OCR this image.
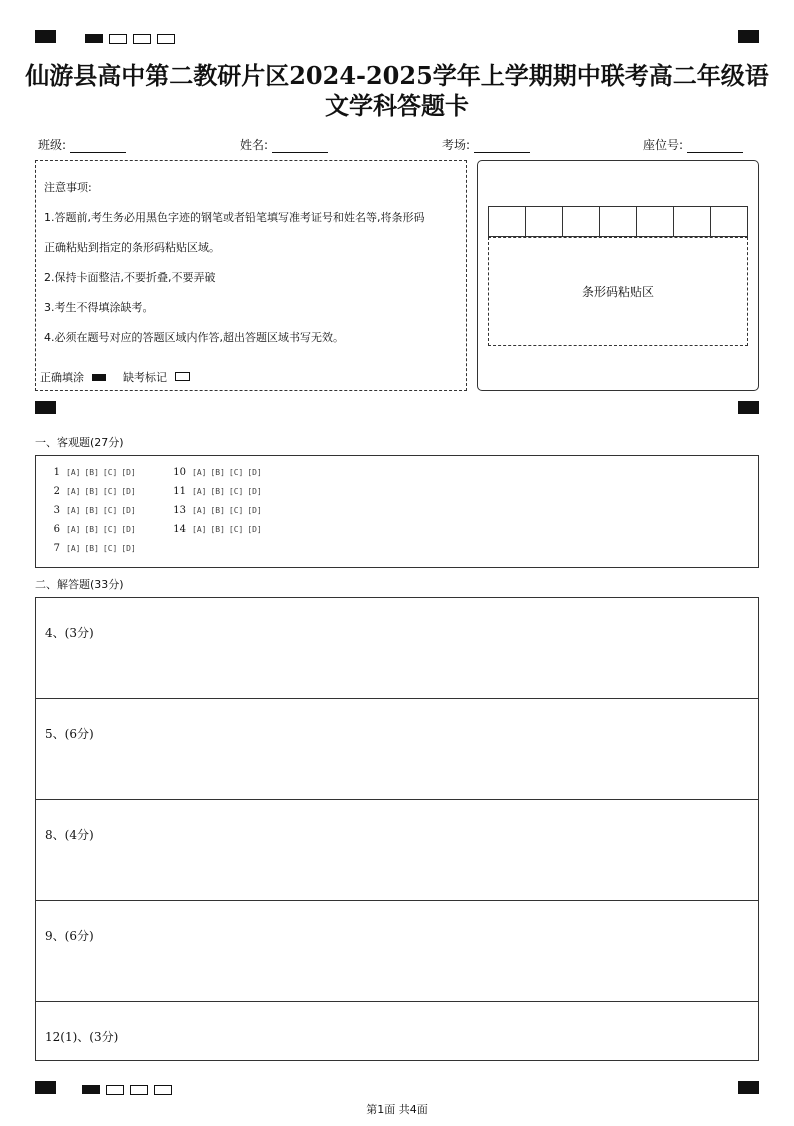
仙游县高中第二教研片区2024-2025学年上学期期中联考高二年级语
文学科答题卡
班级:	姓名:	考场:	座位号:

注意事项:

1.答题前,考生务必用黑色字迹的钢笔或者铅笔填写准考证号和姓名等,将条形码

正确粘贴到指定的条形码粘贴区域。

2.保持卡面整洁,不要折叠,不要弄破

3.考生不得填涂缺考。

4.必须在题号对应的答题区域内作答,超出答题区域书写无效。

正确填涂	缺考标记

条形码粘贴区
一、客观题(27分)
1 [A] [B] [C] [D]
2 [A] [B] [C] [D]
3 [A] [B] [C] [D]
6 [A] [B] [C] [D]
7 [A] [B] [C] [D]
10 [A] [B] [C] [D]
11 [A] [B] [C] [D]
13 [A] [B] [C] [D]
14 [A] [B] [C] [D]
二、解答题(33分)
4、(3分)
5、(6分)
8、(4分)
9、(6分)
12(1)、(3分)
第1面 共4面
